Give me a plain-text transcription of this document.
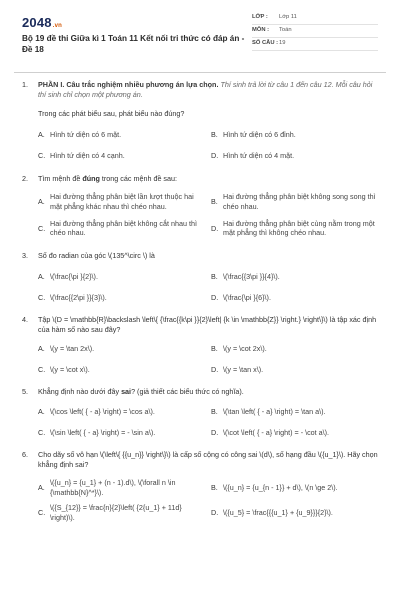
2048.vn
Bộ 19 đề thi Giữa kì 1 Toán 11 Kết nối tri thức có đáp án - Đề 18
LỚP :	Lớp 11
MÔN :	Toán
SỐ CÂU : 19
1.	PHẦN I. Câu trắc nghiệm nhiều phương án lựa chọn. Thí sinh trả lời từ câu 1 đến câu 12. Mỗi câu hỏi thí sinh chỉ chọn một phương án.
Trong các phát biểu sau, phát biểu nào đúng?
A. Hình tứ diện có 6 mặt.	B. Hình tứ diện có 6 đỉnh.
C. Hình tứ diện có 4 cạnh.	D. Hình tứ diện có 4 mặt.
2.	Tìm mệnh đề đúng trong các mệnh đề sau:
A.
Hai đường thẳng phân biệt lần lượt thuộc hai mặt phẳng khác nhau thì chéo nhau.
B.
Hai đường thẳng phân biệt không song song thì chéo nhau.
C.
Hai đường thẳng phân biệt không cắt nhau thì chéo nhau.
D.
Hai đường thẳng phân biệt cùng nằm trong một mặt phẳng thì không chéo nhau.
3.	Số đo radian của góc \(135^\circ \) là
A. \(\frac{\pi }{2}\).	B. \(\frac{{3\pi }}{4}\).
C. \(\frac{{2\pi }}{3}\).	D. \(\frac{\pi }{6}\).
4.	Tập \(D = \mathbb{R}\backslash \left\{ {\frac{{k\pi }}{2}\left| {k \in \mathbb{Z}} \right.} \right\}\) là tập xác định của hàm số nào sau đây?
A. \(y = \tan 2x\).	B. \(y = \cot 2x\).
C. \(y = \cot x\).	D. \(y = \tan x\).
5.	Khẳng định nào dưới đây sai? (giả thiết các biểu thức có nghĩa).
A. \(\cos \left( { - a} \right) = \cos a\).	B. \(\tan \left( { - a} \right) = \tan a\).
C. \(\sin \left( { - a} \right) = - \sin a\).	D. \(\cot \left( { - a} \right) = - \cot a\).
6.	Cho dãy số vô hạn \(\left\{ {{u_n}} \right\}\) là cấp số cộng có công sai \(d\), số hạng đầu \({u_1}\). Hãy chọn khẳng định sai?
A.
\({u_n} = {u_1} + (n - 1).d\), \(\forall n \in {\mathbb{N}^*}\).
B. \({u_n} = {u_{n - 1}} + d\), \(n \ge 2\).
C.
\({S_{12}} = \frac{n}{2}\left( {2{u_1} + 11d} \right)\).
D. \({u_5} = \frac{{{u_1} + {u_9}}}{2}\).
